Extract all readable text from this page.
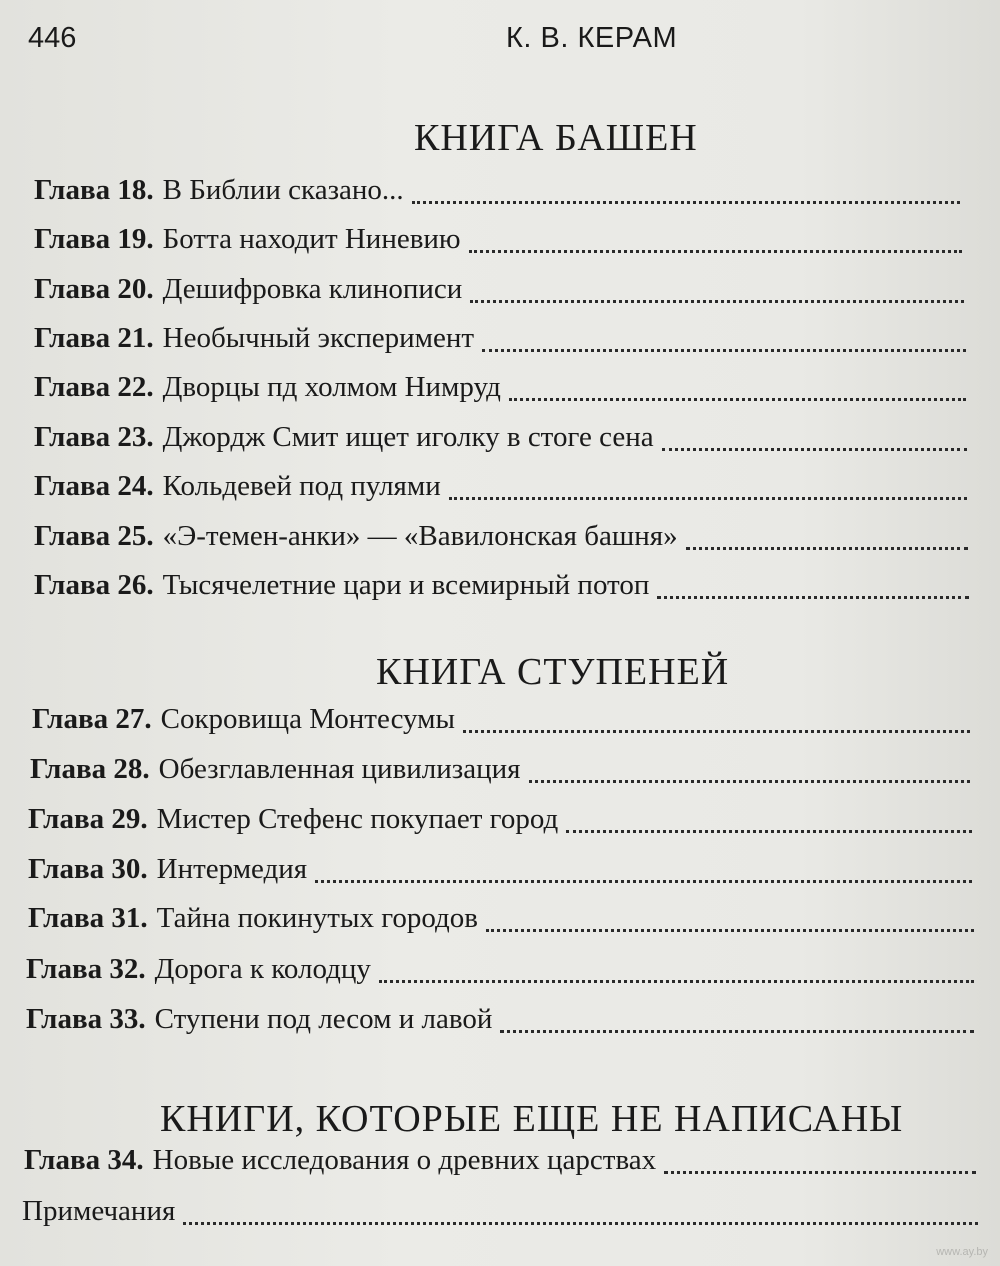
446	К. В. КЕРАМ
КНИГА БАШЕН
Глава 18. В Библии сказано...
Глава 19. Ботта находит Ниневию
Глава 20. Дешифровка клинописи
Глава 21. Необычный эксперимент
Глава 22. Дворцы пд холмом Нимруд
Глава 23. Джордж Смит ищет иголку в стоге сена
Глава 24. Кольдевей под пулями
Глава 25. «Э-темен-анки» — «Вавилонская башня»
Глава 26. Тысячелетние цари и всемирный потоп
КНИГА СТУПЕНЕЙ
Глава 27. Сокровища Монтесумы
Глава 28. Обезглавленная цивилизация
Глава 29. Мистер Стефенс покупает город
Глава 30. Интермедия
Глава 31. Тайна покинутых городов
Глава 32. Дорога к колодцу
Глава 33. Ступени под лесом и лавой
КНИГИ, КОТОРЫЕ ЕЩЕ НЕ НАПИСАНЫ
Глава 34. Новые исследования о древних царствах
Примечания
www.ay.by
